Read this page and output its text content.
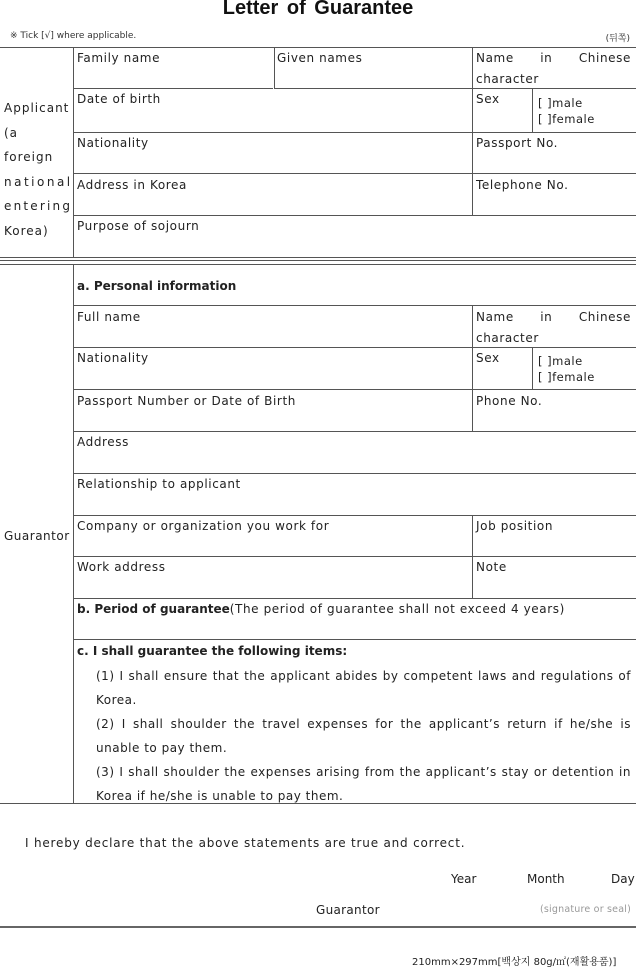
Letter of Guarantee
※ Tick [√] where applicable.	(뒤쪽)
Applicant
(a foreign
national
entering
Korea)
Family name	Given names	Name in Chinese
character
Date of birth	Sex	[ ]male
[ ]female
Nationality	Passport No.
Address in Korea	Telephone No.
Purpose of sojourn
Guarantor
a. Personal information
Full name	Name in Chinese
character
Nationality	Sex	[ ]male
[ ]female
Passport Number or Date of Birth	Phone No.
Address
Relationship to applicant
Company or organization you work for	Job position
Work address	Note
b. Period of guarantee(The period of guarantee shall not exceed 4 years)
c. I shall guarantee the following items:
(1) I shall ensure that the applicant abides by competent laws and regulations of Korea.
(2) I shall shoulder the travel expenses for the applicant’s return if he/she is unable to pay them.
(3) I shall shoulder the expenses arising from the applicant’s stay or detention in Korea if he/she is unable to pay them.
I hereby declare that the above statements are true and correct.
Year	Month	Day
Guarantor	(signature or seal)
210mm×297mm[백상지 80g/㎡(재활용품)]
